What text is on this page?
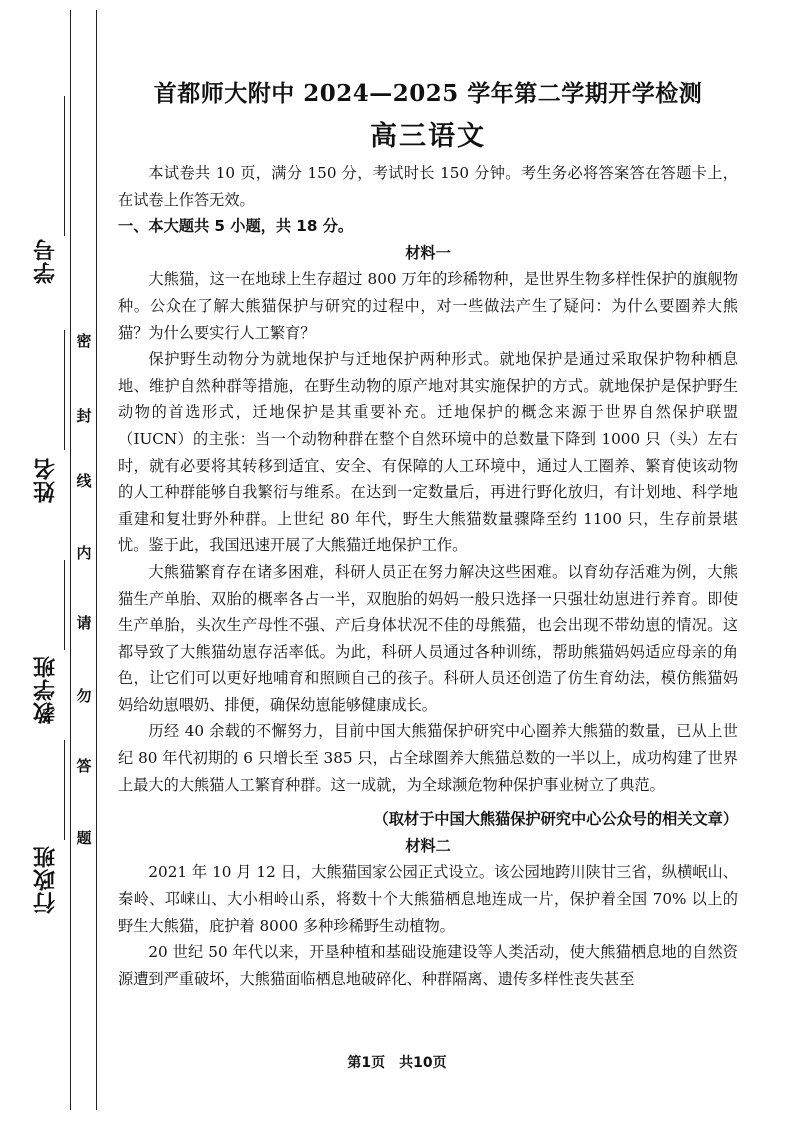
学号
姓名
教学班
行政班
密
封
线
内
请
勿
答
题
首都师大附中 2024—2025 学年第二学期开学检测
高三语文

本试卷共 10 页，满分 150 分，考试时长 150 分钟。考生务必将答案答在答题卡上，在试卷上作答无效。

一、本大题共 5 小题，共 18 分。

材料一

大熊猫，这一在地球上生存超过 800 万年的珍稀物种，是世界生物多样性保护的旗舰物种。公众在了解大熊猫保护与研究的过程中，对一些做法产生了疑问：为什么要圈养大熊猫？为什么要实行人工繁育？

保护野生动物分为就地保护与迁地保护两种形式。就地保护是通过采取保护物种栖息地、维护自然种群等措施，在野生动物的原产地对其实施保护的方式。就地保护是保护野生动物的首选形式，迁地保护是其重要补充。迁地保护的概念来源于世界自然保护联盟（IUCN）的主张：当一个动物种群在整个自然环境中的总数量下降到 1000 只（头）左右时，就有必要将其转移到适宜、安全、有保障的人工环境中，通过人工圈养、繁育使该动物的人工种群能够自我繁衍与维系。在达到一定数量后，再进行野化放归，有计划地、科学地重建和复壮野外种群。上世纪 80 年代，野生大熊猫数量骤降至约 1100 只，生存前景堪忧。鉴于此，我国迅速开展了大熊猫迁地保护工作。

大熊猫繁育存在诸多困难，科研人员正在努力解决这些困难。以育幼存活难为例，大熊猫生产单胎、双胎的概率各占一半，双胞胎的妈妈一般只选择一只强壮幼崽进行养育。即使生产单胎，头次生产母性不强、产后身体状况不佳的母熊猫，也会出现不带幼崽的情况。这都导致了大熊猫幼崽存活率低。为此，科研人员通过各种训练，帮助熊猫妈妈适应母亲的角色，让它们可以更好地哺育和照顾自己的孩子。科研人员还创造了仿生育幼法，模仿熊猫妈妈给幼崽喂奶、排便，确保幼崽能够健康成长。

历经 40 余载的不懈努力，目前中国大熊猫保护研究中心圈养大熊猫的数量，已从上世纪 80 年代初期的 6 只增长至 385 只，占全球圈养大熊猫总数的一半以上，成功构建了世界上最大的大熊猫人工繁育种群。这一成就，为全球濒危物种保护事业树立了典范。

（取材于中国大熊猫保护研究中心公众号的相关文章）

材料二

2021 年 10 月 12 日，大熊猫国家公园正式设立。该公园地跨川陕甘三省，纵横岷山、秦岭、邛崃山、大小相岭山系，将数十个大熊猫栖息地连成一片，保护着全国 70% 以上的野生大熊猫，庇护着 8000 多种珍稀野生动植物。

20 世纪 50 年代以来，开垦种植和基础设施建设等人类活动，使大熊猫栖息地的自然资源遭到严重破坏，大熊猫面临栖息地破碎化、种群隔离、遗传多样性丧失甚至

第1页　共10页
